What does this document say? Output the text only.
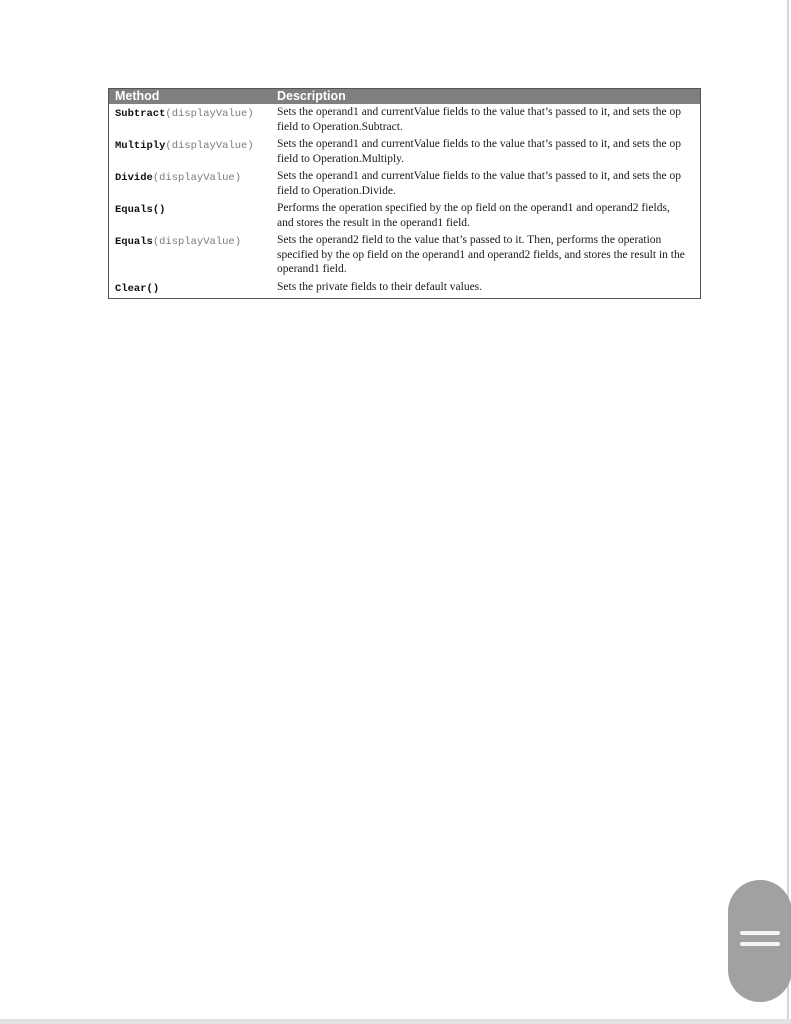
Method	Description
Subtract(displayValue)	Sets the operand1 and currentValue fields to the value that’s passed to it, and sets the op field to Operation.Subtract.
Multiply(displayValue)	Sets the operand1 and currentValue fields to the value that’s passed to it, and sets the op field to Operation.Multiply.
Divide(displayValue)	Sets the operand1 and currentValue fields to the value that’s passed to it, and sets the op field to Operation.Divide.
Equals()	Performs the operation specified by the op field on the operand1 and operand2 fields, and stores the result in the operand1 field.
Equals(displayValue)	Sets the operand2 field to the value that’s passed to it. Then, performs the operation specified by the op field on the operand1 and operand2 fields, and stores the result in the operand1 field.
Clear()	Sets the private fields to their default values.
